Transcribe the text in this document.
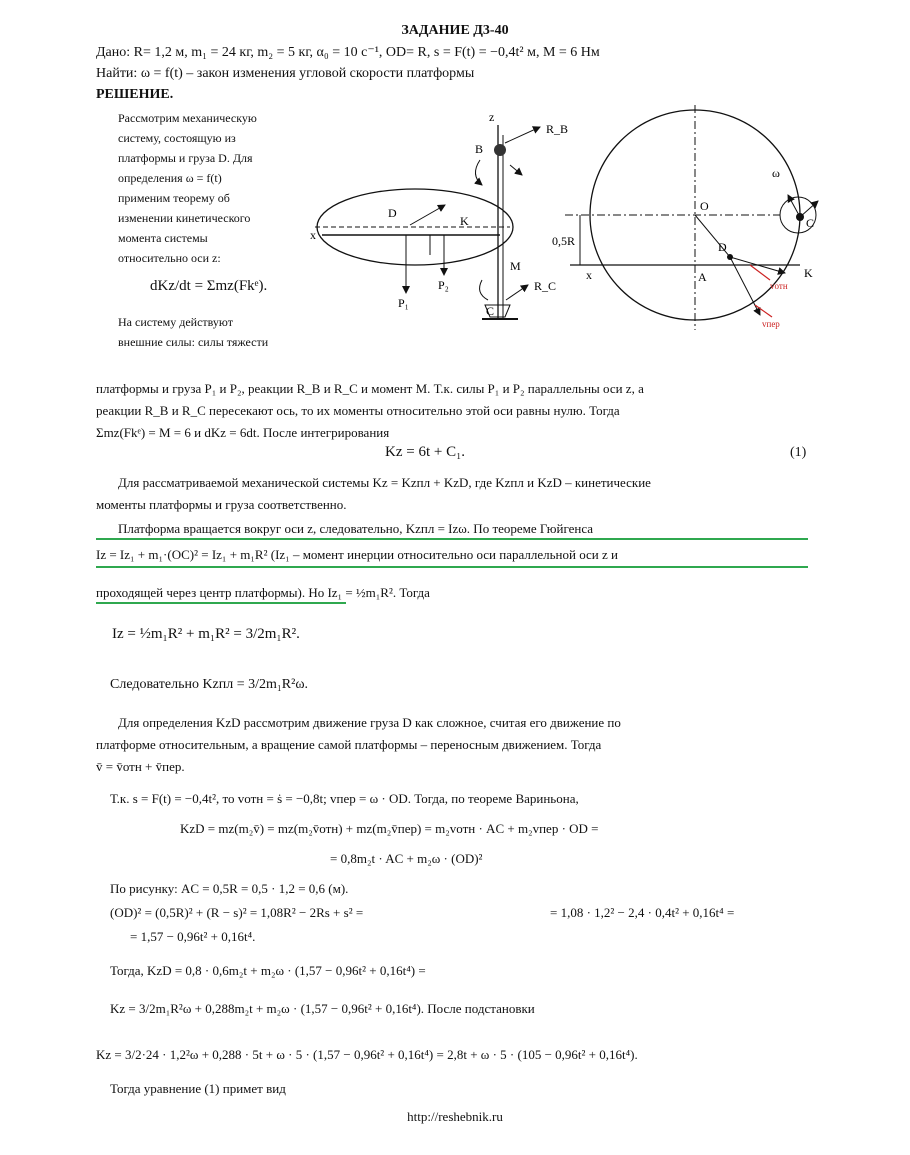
ЗАДАНИЕ Д3-40
Дано: R= 1,2 м, m₁ = 24 кг, m₂ = 5 кг, α₀ = 10 с⁻¹, OD= R, s = F(t) = −0,4t² м, M = 6 Нм
Найти: ω = f(t) – закон изменения угловой скорости платформы
РЕШЕНИЕ.
Рассмотрим механическую
систему, состоящую из
платформы и груза D. Для
определения ω = f(t)
применим теорему об
изменении кинетического
момента системы
относительно оси z:
dKz/dt = Σmz(Fkᵉ).
На систему действуют
внешние силы: силы тяжести
R_B
B
z
C
D
K
P₁
P₂
M
R_C
x
O
0,5R
A
D
x	K
C
vотн
vпер
ω
платформы и груза P₁ и P₂, реакции R_B и R_C и момент M. Т.к. силы P₁ и P₂ параллельны оси z, а
реакции R_B и R_C пересекают ось, то их моменты относительно этой оси равны нулю. Тогда
Σmz(Fkᵉ) = M = 6 и dKz = 6dt. После интегрирования
Kz = 6t + C₁.	(1)
Для рассматриваемой механической системы Kz = Kzпл + KzD, где Kzпл и KzD – кинетические
моменты платформы и груза соответственно.
Платформа вращается вокруг оси z, следовательно, Kzпл = Izω. По теореме Гюйгенса
Iz = Iz₁ + m₁·(OC)² = Iz₁ + m₁R² (Iz₁ – момент инерции относительно оси параллельной оси z и
проходящей через центр платформы). Но Iz₁ = ½m₁R². Тогда
Iz = ½m₁R² + m₁R² = 3/2m₁R².
Следовательно Kzпл = 3/2m₁R²ω.
Для определения KzD рассмотрим движение груза D как сложное, считая его движение по
платформе относительным, а вращение самой платформы – переносным движением. Тогда
v̄ = v̄отн + v̄пер.
Т.к. s = F(t) = −0,4t², то vотн = ṡ = −0,8t; vпер = ω · OD. Тогда, по теореме Вариньона,
KzD = mz(m₂v̄) = mz(m₂v̄отн) + mz(m₂v̄пер) = m₂vотн · AC + m₂vпер · OD =
= 0,8m₂t · AC + m₂ω · (OD)²
По рисунку: AC = 0,5R = 0,5 · 1,2 = 0,6 (м).
(OD)² = (0,5R)² + (R − s)² = 1,08R² − 2Rs + s² =	= 1,08 · 1,2² − 2,4 · 0,4t² + 0,16t⁴ =
= 1,57 − 0,96t² + 0,16t⁴.
Тогда, KzD = 0,8 · 0,6m₂t + m₂ω · (1,57 − 0,96t² + 0,16t⁴) =
Kz = 3/2m₁R²ω + 0,288m₂t + m₂ω · (1,57 − 0,96t² + 0,16t⁴). После подстановки
Kz = 3/2·24 · 1,2²ω + 0,288 · 5t + ω · 5 · (1,57 − 0,96t² + 0,16t⁴) = 2,8t + ω · 5 · (105 − 0,96t² + 0,16t⁴).
Тогда уравнение (1) примет вид
http://reshebnik.ru
